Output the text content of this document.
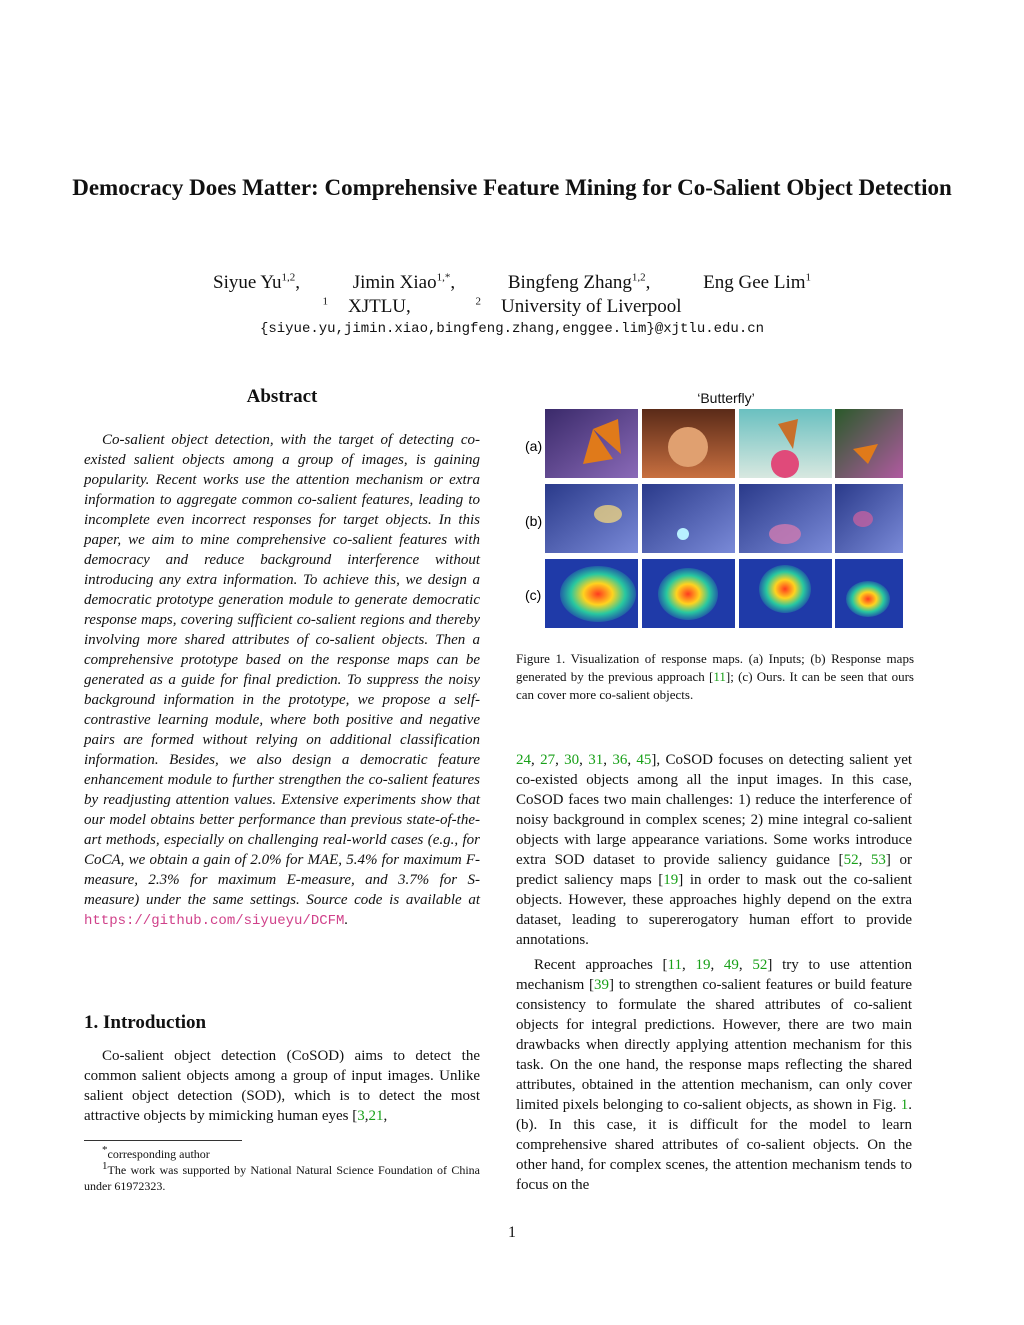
Democracy Does Matter: Comprehensive Feature Mining for Co-Salient Object Detection
Siyue Yu$^{1,2}$,	Jimin Xiao$^{1,*}$,	Bingfeng Zhang$^{1,2}$,	Eng Gee Lim$^1$
$^1$ XJTLU,	$^2$ University of Liverpool
{siyue.yu,jimin.xiao,bingfeng.zhang,enggee.lim}@xjtlu.edu.cn
Abstract
Co-salient object detection, with the target of detecting co-existed salient objects among a group of images, is gaining popularity. Recent works use the attention mechanism or extra information to aggregate common co-salient features, leading to incomplete even incorrect responses for target objects. In this paper, we aim to mine comprehensive co-salient features with democracy and reduce background interference without introducing any extra information. To achieve this, we design a democratic prototype generation module to generate democratic response maps, covering sufficient co-salient regions and thereby involving more shared attributes of co-salient objects. Then a comprehensive prototype based on the response maps can be generated as a guide for final prediction. To suppress the noisy background information in the prototype, we propose a self-contrastive learning module, where both positive and negative pairs are formed without relying on additional classification information. Besides, we also design a democratic feature enhancement module to further strengthen the co-salient features by readjusting attention values. Extensive experiments show that our model obtains better performance than previous state-of-the-art methods, especially on challenging real-world cases (e.g., for CoCA, we obtain a gain of 2.0% for MAE, 5.4% for maximum F-measure, 2.3% for maximum E-measure, and 3.7% for S-measure) under the same settings. Source code is available at https://github.com/siyueyu/DCFM.
1. Introduction
Co-salient object detection (CoSOD) aims to detect the common salient objects among a group of input images. Unlike salient object detection (SOD), which is to detect the most attractive objects by mimicking human eyes [3,21,

*corresponding author

$^1$The work was supported by National Natural Science Foundation of China under 61972323.

‘Butterfly’
(a)
(b)
(c)
Figure 1. Visualization of response maps. (a) Inputs; (b) Response maps generated by the previous approach [11]; (c) Ours. It can be seen that ours can cover more co-salient objects.
24, 27, 30, 31, 36, 45], CoSOD focuses on detecting salient yet co-existed objects among all the input images. In this case, CoSOD faces two main challenges: 1) reduce the interference of noisy background in complex scenes; 2) mine integral co-salient objects with large appearance variations. Some works introduce extra SOD dataset to provide saliency guidance [52, 53] or predict saliency maps [19] in order to mask out the co-salient objects. However, these approaches highly depend on the extra dataset, leading to supererogatory human effort to provide annotations.
Recent approaches [11, 19, 49, 52] try to use attention mechanism [39] to strengthen co-salient features or build feature consistency to formulate the shared attributes of co-salient objects for integral predictions. However, there are two main drawbacks when directly applying attention mechanism for this task. On the one hand, the response maps reflecting the shared attributes, obtained in the attention mechanism, can only cover limited pixels belonging to co-salient objects, as shown in Fig. 1.(b). In this case, it is difficult for the model to learn comprehensive shared attributes of co-salient objects. On the other hand, for complex scenes, the attention mechanism tends to focus on the
1
